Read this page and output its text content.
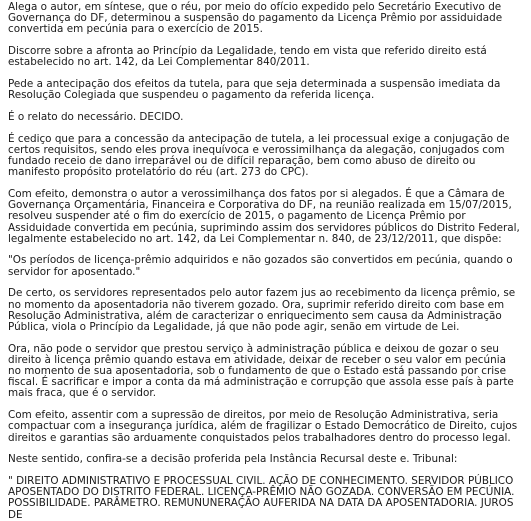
Alega o autor, em síntese, que o réu, por meio do ofício expedido pelo Secretário Executivo de Governança do DF, determinou a suspensão do pagamento da Licença Prêmio por assiduidade convertida em pecúnia para o exercício de 2015.

Discorre sobre a afronta ao Princípio da Legalidade, tendo em vista que referido direito está estabelecido no art. 142, da Lei Complementar 840/2011.

Pede a antecipação dos efeitos da tutela, para que seja determinada a suspensão imediata da Resolução Colegiada que suspendeu o pagamento da referida licença.

É o relato do necessário. DECIDO.

É cediço que para a concessão da antecipação de tutela, a lei processual exige a conjugação de certos requisitos, sendo eles prova inequívoca e verossimilhança da alegação, conjugados com fundado receio de dano irreparável ou de difícil reparação, bem como abuso de direito ou manifesto propósito protelatório do réu (art. 273 do CPC).

Com efeito, demonstra o autor a verossimilhança dos fatos por si alegados. É que a Câmara de Governança Orçamentária, Financeira e Corporativa do DF, na reunião realizada em 15/07/2015, resolveu suspender até o fim do exercício de 2015, o pagamento de Licença Prêmio por Assiduidade convertida em pecúnia, suprimindo assim dos servidores públicos do Distrito Federal, legalmente estabelecido no art. 142, da Lei Complementar n. 840, de 23/12/2011, que dispõe:

"Os períodos de licença-prêmio adquiridos e não gozados são convertidos em pecúnia, quando o servidor for aposentado."

De certo, os servidores representados pelo autor fazem jus ao recebimento da licença prêmio, se no momento da aposentadoria não tiverem gozado. Ora, suprimir referido direito com base em Resolução Administrativa, além de caracterizar o enriquecimento sem causa da Administração Pública, viola o Princípio da Legalidade, já que não pode agir, senão em virtude de Lei.

Ora, não pode o servidor que prestou serviço à administração pública e deixou de gozar o seu direito à licença prêmio quando estava em atividade, deixar de receber o seu valor em pecúnia no momento de sua aposentadoria, sob o fundamento de que o Estado está passando por crise fiscal. É sacrificar e impor a conta da má administração e corrupção que assola esse país à parte mais fraca, que é o servidor.

Com efeito, assentir com a supressão de direitos, por meio de Resolução Administrativa, seria compactuar com a insegurança jurídica, além de fragilizar o Estado Democrático de Direito, cujos direitos e garantias são arduamente conquistados pelos trabalhadores dentro do processo legal.

Neste sentido, confira-se a decisão proferida pela Instância Recursal deste e. Tribunal:

" DIREITO ADMINISTRATIVO E PROCESSUAL CIVIL. AÇÃO DE CONHECIMENTO. SERVIDOR PÚBLICO APOSENTADO DO DISTRITO FEDERAL. LICENÇA-PRÊMIO NÃO GOZADA. CONVERSÃO EM PECÚNIA. POSSIBILIDADE. PARÂMETRO. REMUNUNERAÇÃO AUFERIDA NA DATA DA APOSENTADORIA. JUROS DE
